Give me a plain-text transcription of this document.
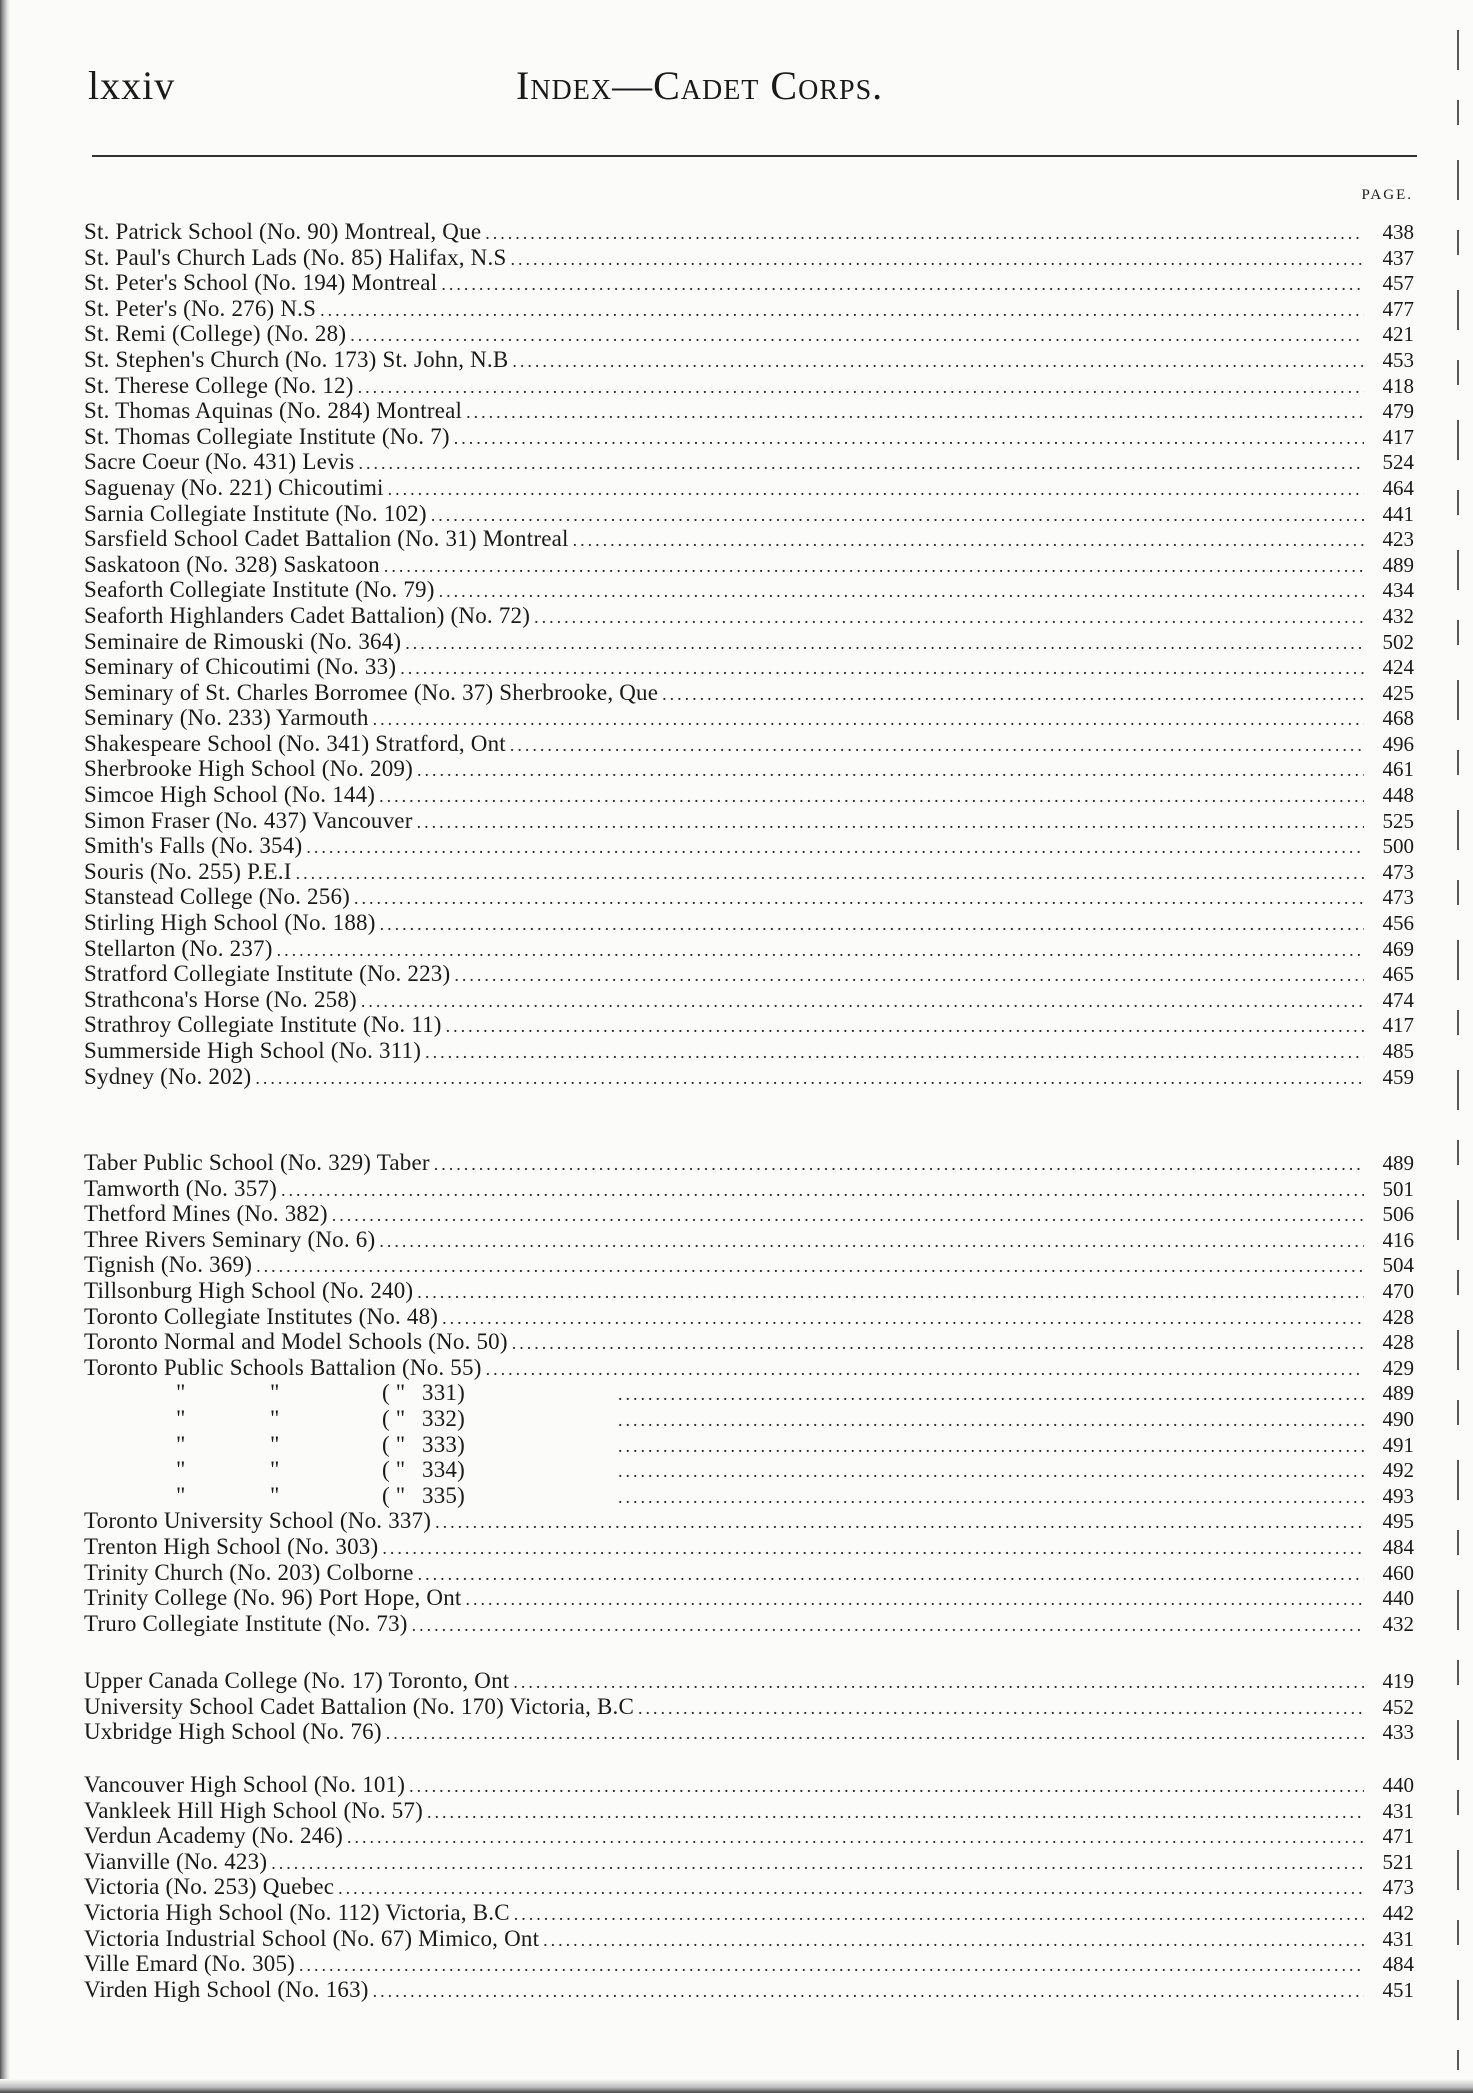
lxxiv	Index—Cadet Corps.
PAGE.
St. Patrick School (No. 90) Montreal, Que .....	438
St. Paul's Church Lads (No. 85) Halifax, N.S .....	437
St. Peter's School (No. 194) Montreal .....	457
St. Peter's (No. 276) N.S .....	477
St. Remi (College) (No. 28) .....	421
St. Stephen's Church (No. 173) St. John, N.B .....	453
St. Therese College (No. 12) .....	418
St. Thomas Aquinas (No. 284) Montreal .....	479
St. Thomas Collegiate Institute (No. 7) .....	417
Sacre Coeur (No. 431) Levis .....	524
Saguenay (No. 221) Chicoutimi .....	464
Sarnia Collegiate Institute (No. 102) .....	441
Sarsfield School Cadet Battalion (No. 31) Montreal .....	423
Saskatoon (No. 328) Saskatoon .....	489
Seaforth Collegiate Institute (No. 79) .....	434
Seaforth Highlanders Cadet Battalion) (No. 72) .....	432
Seminaire de Rimouski (No. 364) .....	502
Seminary of Chicoutimi (No. 33) .....	424
Seminary of St. Charles Borromee (No. 37) Sherbrooke, Que .....	425
Seminary (No. 233) Yarmouth .....	468
Shakespeare School (No. 341) Stratford, Ont .....	496
Sherbrooke High School (No. 209) .....	461
Simcoe High School (No. 144) .....	448
Simon Fraser (No. 437) Vancouver .....	525
Smith's Falls (No. 354) .....	500
Souris (No. 255) P.E.I .....	473
Stanstead College (No. 256) .....	473
Stirling High School (No. 188) .....	456
Stellarton (No. 237) .....	469
Stratford Collegiate Institute (No. 223) .....	465
Strathcona's Horse (No. 258) .....	474
Strathroy Collegiate Institute (No. 11) .....	417
Summerside High School (No. 311) .....	485
Sydney (No. 202) .....	459
Taber Public School (No. 329) Taber .....	489
Tamworth (No. 357) .....	501
Thetford Mines (No. 382) .....	506
Three Rivers Seminary (No. 6) .....	416
Tignish (No. 369) .....	504
Tillsonburg High School (No. 240) .....	470
Toronto Collegiate Institutes (No. 48) .....	428
Toronto Normal and Model Schools (No. 50) .....	428
Toronto Public Schools Battalion (No. 55) .....	429
"	"	( " 331) .....	489
"	"	( " 332) .....	490
"	"	( " 333) .....	491
"	"	( " 334) .....	492
"	"	( " 335) .....	493
Toronto University School (No. 337) .....	495
Trenton High School (No. 303) .....	484
Trinity Church (No. 203) Colborne .....	460
Trinity College (No. 96) Port Hope, Ont .....	440
Truro Collegiate Institute (No. 73) .....	432
Upper Canada College (No. 17) Toronto, Ont .....	419
University School Cadet Battalion (No. 170) Victoria, B.C .....	452
Uxbridge High School (No. 76) .....	433
Vancouver High School (No. 101) .....	440
Vankleek Hill High School (No. 57) .....	431
Verdun Academy (No. 246) .....	471
Vianville (No. 423) .....	521
Victoria (No. 253) Quebec .....	473
Victoria High School (No. 112) Victoria, B.C .....	442
Victoria Industrial School (No. 67) Mimico, Ont .....	431
Ville Emard (No. 305) .....	484
Virden High School (No. 163) .....	451
